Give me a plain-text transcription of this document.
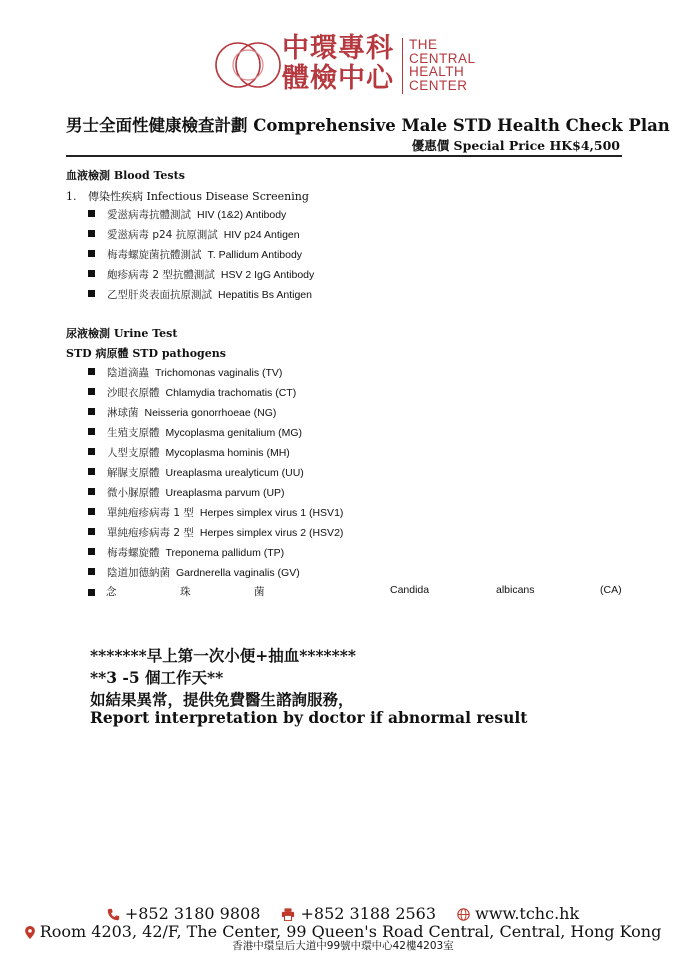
中環專科
體檢中心
THE
CENTRAL
HEALTH
CENTER
男士全面性健康檢查計劃 Comprehensive Male STD Health Check Plan
優惠價 Special Price HK$4,500
血液檢測 Blood Tests
1. 傳染性疾病 Infectious Disease Screening
愛滋病毒抗體測試 HIV (1&2) Antibody
愛滋病毒 p24 抗原測試 HIV p24 Antigen
梅毒螺旋菌抗體測試 T. Pallidum Antibody
皰疹病毒 2 型抗體測試 HSV 2 IgG Antibody
乙型肝炎表面抗原測試 Hepatitis Bs Antigen
尿液檢測 Urine Test
STD 病原體 STD pathogens
陰道滴蟲 Trichomonas vaginalis (TV)
沙眼衣原體 Chlamydia trachomatis (CT)
淋球菌 Neisseria gonorrhoeae (NG)
生殖支原體 Mycoplasma genitalium (MG)
人型支原體 Mycoplasma hominis (MH)
解脲支原體 Ureaplasma urealyticum (UU)
微小脲原體 Ureaplasma parvum (UP)
單純疱疹病毒 1 型 Herpes simplex virus 1 (HSV1)
單純疱疹病毒 2 型 Herpes simplex virus 2 (HSV2)
梅毒螺旋體 Treponema pallidum (TP)
陰道加德納菌 Gardnerella vaginalis (GV)
念	珠	菌	Candida	albicans	(CA)
*******早上第一次小便+抽血*******
**3 -5 個工作天**
如結果異常，提供免費醫生諮詢服務，
Report interpretation by doctor if abnormal result
+852 3180 9808	+852 3188 2563 www.tchc.hk
Room 4203, 42/F, The Center, 99 Queen's Road Central, Central, Hong Kong
香港中環皇后大道中99號中環中心42樓4203室
